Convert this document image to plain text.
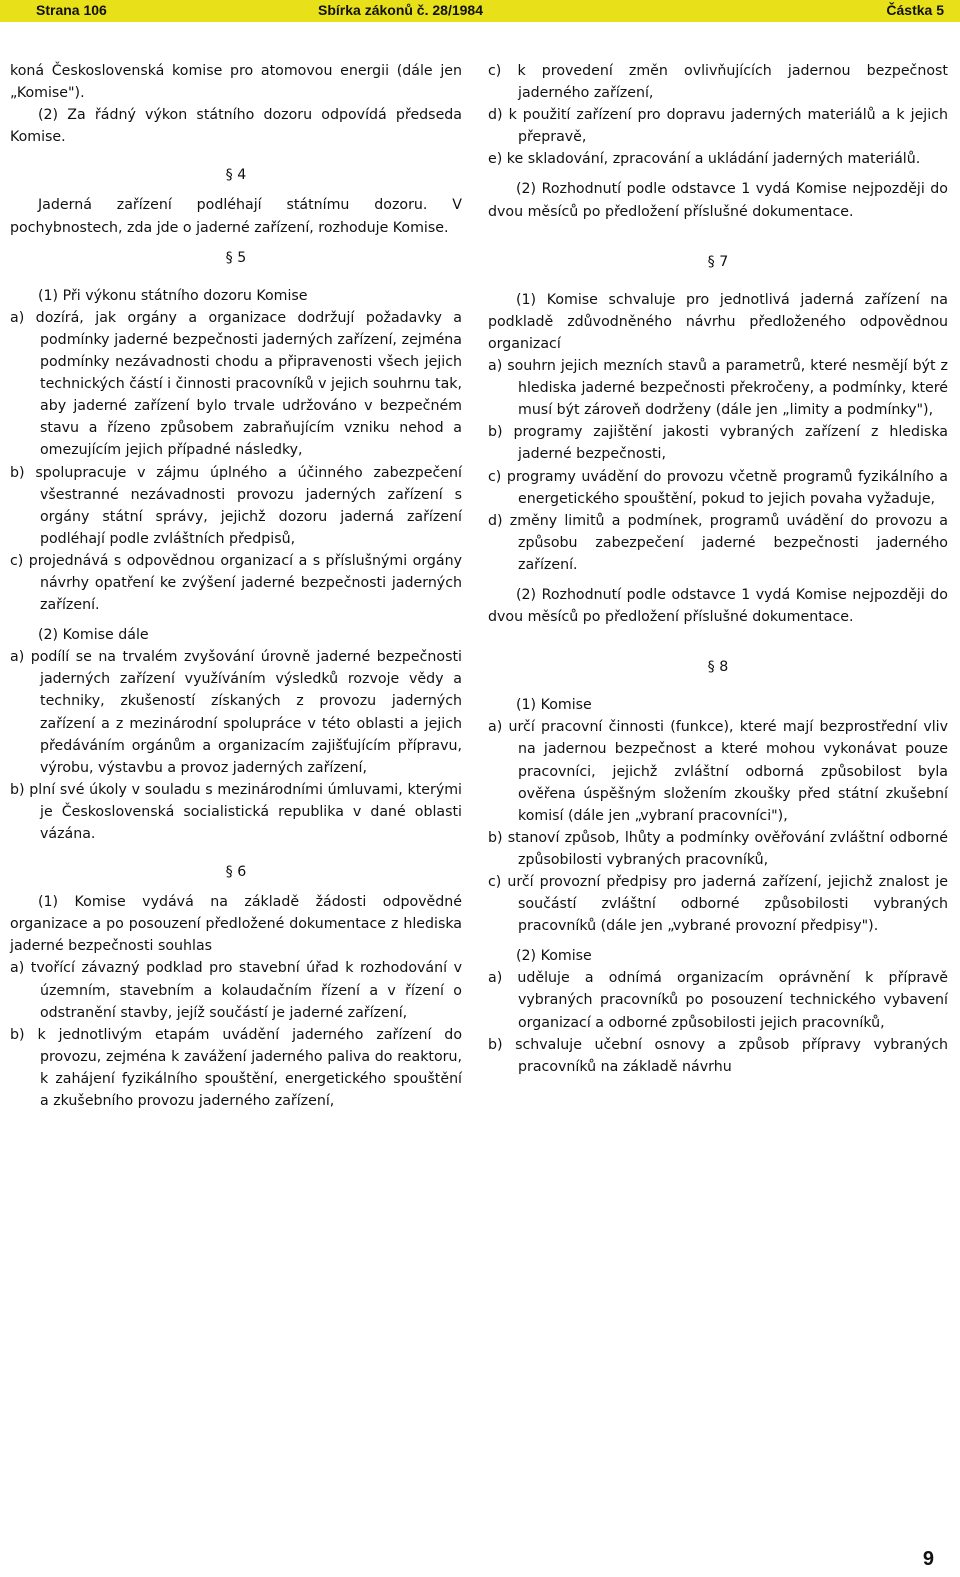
Strana 106	Sbírka zákonů č. 28/1984	Částka 5

koná Československá komise pro atomovou energii (dále jen „Komise").

(2) Za řádný výkon státního dozoru odpovídá předseda Komise.

§ 4

Jaderná zařízení podléhají státnímu dozoru. V pochybnostech, zda jde o jaderné zařízení, rozhoduje Komise.

§ 5

(1) Při výkonu státního dozoru Komise

a) dozírá, jak orgány a organizace dodržují požadavky a podmínky jaderné bezpečnosti jaderných zařízení, zejména podmínky nezávadnosti chodu a připravenosti všech jejich technických částí i činnosti pracovníků v jejich souhrnu tak, aby jaderné zařízení bylo trvale udržováno v bezpečném stavu a řízeno způsobem zabraňujícím vzniku nehod a omezujícím jejich případné následky,

b) spolupracuje v zájmu úplného a účinného zabezpečení všestranné nezávadnosti provozu jaderných zařízení s orgány státní správy, jejichž dozoru jaderná zařízení podléhají podle zvláštních předpisů,

c) projednává s odpovědnou organizací a s příslušnými orgány návrhy opatření ke zvýšení jaderné bezpečnosti jaderných zařízení.

(2) Komise dále

a) podílí se na trvalém zvyšování úrovně jaderné bezpečnosti jaderných zařízení využíváním výsledků rozvoje vědy a techniky, zkušeností získaných z provozu jaderných zařízení a z mezinárodní spolupráce v této oblasti a jejich předáváním orgánům a organizacím zajišťujícím přípravu, výrobu, výstavbu a provoz jaderných zařízení,

b) plní své úkoly v souladu s mezinárodními úmluvami, kterými je Československá socialistická republika v dané oblasti vázána.

§ 6

(1) Komise vydává na základě žádosti odpovědné organizace a po posouzení předložené dokumentace z hlediska jaderné bezpečnosti souhlas

a) tvořící závazný podklad pro stavební úřad k rozhodování v územním, stavebním a kolaudačním řízení a v řízení o odstranění stavby, jejíž součástí je jaderné zařízení,

b) k jednotlivým etapám uvádění jaderného zařízení do provozu, zejména k zavážení jaderného paliva do reaktoru, k zahájení fyzikálního spouštění, energetického spouštění a zkušebního provozu jaderného zařízení,

c) k provedení změn ovlivňujících jadernou bezpečnost jaderného zařízení,

d) k použití zařízení pro dopravu jaderných materiálů a k jejich přepravě,

e) ke skladování, zpracování a ukládání jaderných materiálů.

(2) Rozhodnutí podle odstavce 1 vydá Komise nejpozději do dvou měsíců po předložení příslušné dokumentace.

§ 7

(1) Komise schvaluje pro jednotlivá jaderná zařízení na podkladě zdůvodněného návrhu předloženého odpovědnou organizací

a) souhrn jejich mezních stavů a parametrů, které nesmějí být z hlediska jaderné bezpečnosti překročeny, a podmínky, které musí být zároveň dodrženy (dále jen „limity a podmínky"),

b) programy zajištění jakosti vybraných zařízení z hlediska jaderné bezpečnosti,

c) programy uvádění do provozu včetně programů fyzikálního a energetického spouštění, pokud to jejich povaha vyžaduje,

d) změny limitů a podmínek, programů uvádění do provozu a způsobu zabezpečení jaderné bezpečnosti jaderného zařízení.

(2) Rozhodnutí podle odstavce 1 vydá Komise nejpozději do dvou měsíců po předložení příslušné dokumentace.

§ 8

(1) Komise

a) určí pracovní činnosti (funkce), které mají bezprostřední vliv na jadernou bezpečnost a které mohou vykonávat pouze pracovníci, jejichž zvláštní odborná způsobilost byla ověřena úspěšným složením zkoušky před státní zkušební komisí (dále jen „vybraní pracovníci"),

b) stanoví způsob, lhůty a podmínky ověřování zvláštní odborné způsobilosti vybraných pracovníků,

c) určí provozní předpisy pro jaderná zařízení, jejichž znalost je součástí zvláštní odborné způsobilosti vybraných pracovníků (dále jen „vybrané provozní předpisy").

(2) Komise

a) uděluje a odnímá organizacím oprávnění k přípravě vybraných pracovníků po posouzení technického vybavení organizací a odborné způsobilosti jejich pracovníků,

b) schvaluje učební osnovy a způsob přípravy vybraných pracovníků na základě návrhu

9
